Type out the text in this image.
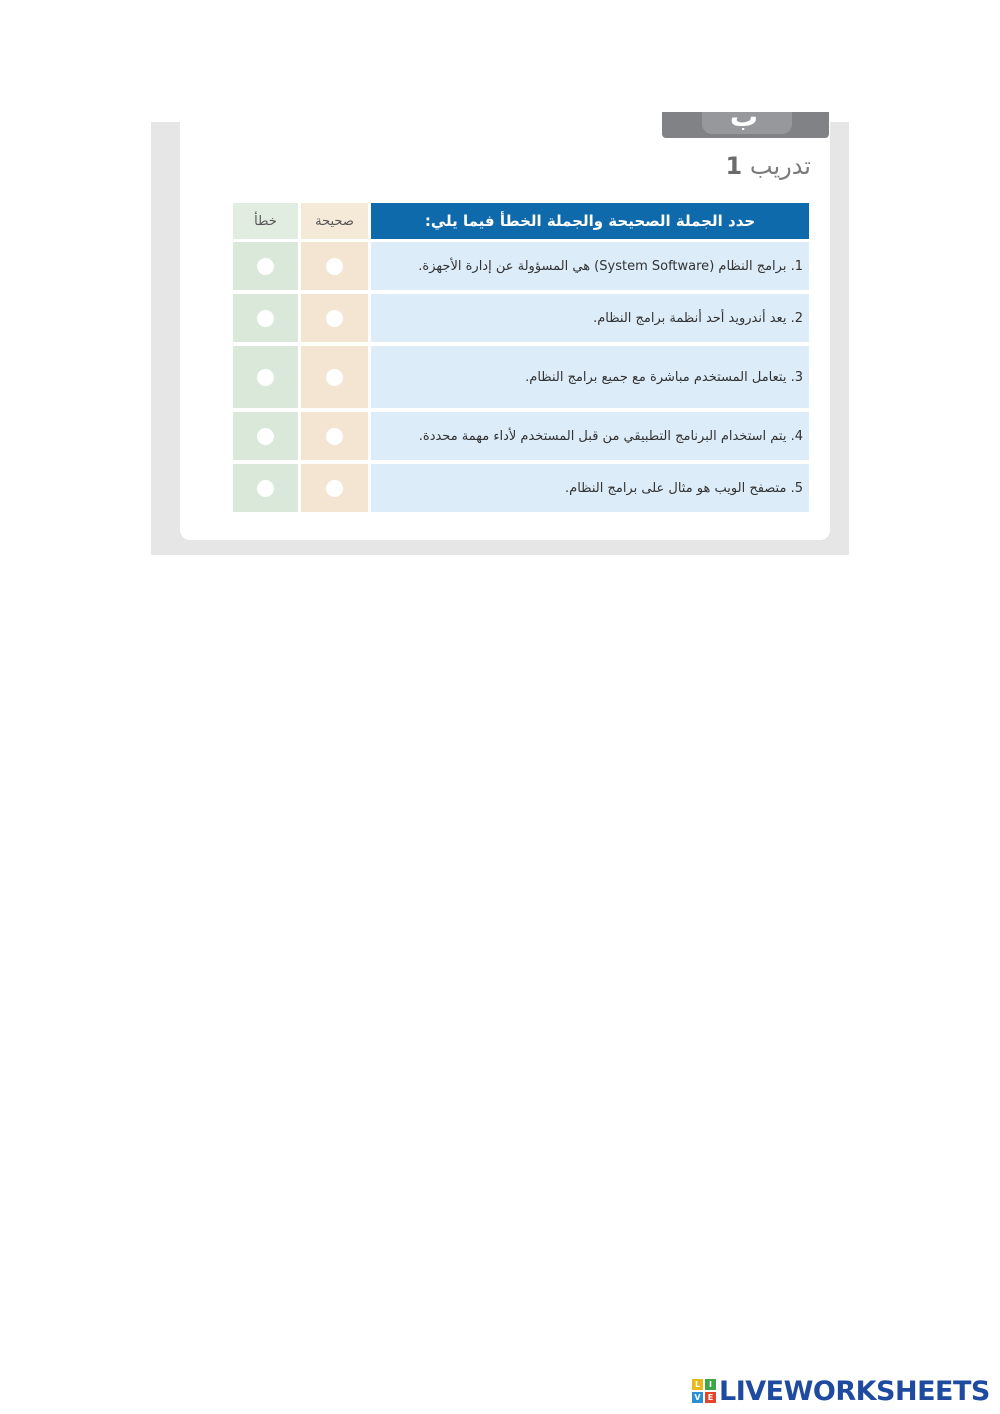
ب
تدريب 1
حدد الجملة الصحيحة والجملة الخطأ فيما يلي:
صحيحة
خطأ
1. برامج النظام (System Software) هي المسؤولة عن إدارة الأجهزة.
2. يعد أندرويد أحد أنظمة برامج النظام.
3. يتعامل المستخدم مباشرة مع جميع برامج النظام.
4. يتم استخدام البرنامج التطبيقي من قبل المستخدم لأداء مهمة محددة.
5. متصفح الويب هو مثال على برامج النظام.
L	I
V E LIVEWORKSHEETS
